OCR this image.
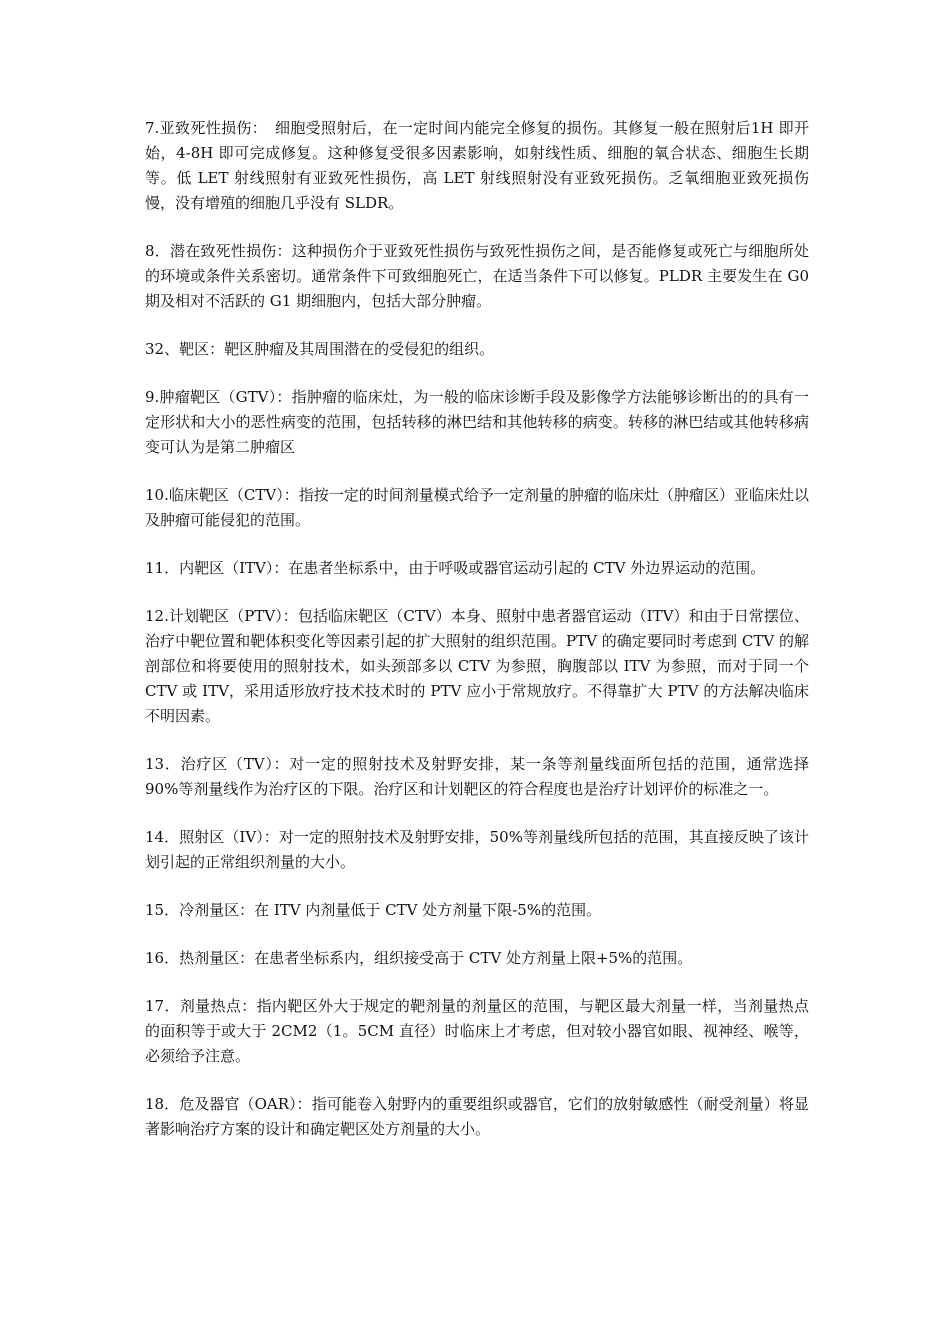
7.亚致死性损伤：　细胞受照射后，在一定时间内能完全修复的损伤。其修复一般在照射后1H 即开始，4-8H 即可完成修复。这种修复受很多因素影响，如射线性质、细胞的氧合状态、细胞生长期等。低 LET 射线照射有亚致死性损伤，高 LET 射线照射没有亚致死损伤。乏氧细胞亚致死损伤慢，没有增殖的细胞几乎没有 SLDR。

8．潜在致死性损伤：这种损伤介于亚致死性损伤与致死性损伤之间，是否能修复或死亡与细胞所处的环境或条件关系密切。通常条件下可致细胞死亡，在适当条件下可以修复。PLDR 主要发生在 G0 期及相对不活跃的 G1 期细胞内，包括大部分肿瘤。

32、靶区：靶区肿瘤及其周围潜在的受侵犯的组织。

9.肿瘤靶区（GTV）：指肿瘤的临床灶，为一般的临床诊断手段及影像学方法能够诊断出的的具有一定形状和大小的恶性病变的范围，包括转移的淋巴结和其他转移的病变。转移的淋巴结或其他转移病变可认为是第二肿瘤区

10.临床靶区（CTV）：指按一定的时间剂量模式给予一定剂量的肿瘤的临床灶（肿瘤区）亚临床灶以及肿瘤可能侵犯的范围。

11．内靶区（ITV）：在患者坐标系中，由于呼吸或器官运动引起的 CTV 外边界运动的范围。

12.计划靶区（PTV）：包括临床靶区（CTV）本身、照射中患者器官运动（ITV）和由于日常摆位、治疗中靶位置和靶体积变化等因素引起的扩大照射的组织范围。PTV 的确定要同时考虑到 CTV 的解剖部位和将要使用的照射技术，如头颈部多以 CTV 为参照，胸腹部以 ITV 为参照，而对于同一个 CTV 或 ITV，采用适形放疗技术技术时的 PTV 应小于常规放疗。不得靠扩大 PTV 的方法解决临床不明因素。

13．治疗区（TV）：对一定的照射技术及射野安排，某一条等剂量线面所包括的范围，通常选择 90%等剂量线作为治疗区的下限。治疗区和计划靶区的符合程度也是治疗计划评价的标准之一。

14．照射区（IV）：对一定的照射技术及射野安排，50%等剂量线所包括的范围，其直接反映了该计划引起的正常组织剂量的大小。

15．冷剂量区：在 ITV 内剂量低于 CTV 处方剂量下限-5%的范围。

16．热剂量区：在患者坐标系内，组织接受高于 CTV 处方剂量上限+5%的范围。

17．剂量热点：指内靶区外大于规定的靶剂量的剂量区的范围，与靶区最大剂量一样，当剂量热点的面积等于或大于 2CM2（1。5CM 直径）时临床上才考虑，但对较小器官如眼、视神经、喉等，必须给予注意。

18．危及器官（OAR）：指可能卷入射野内的重要组织或器官，它们的放射敏感性（耐受剂量）将显著影响治疗方案的设计和确定靶区处方剂量的大小。
